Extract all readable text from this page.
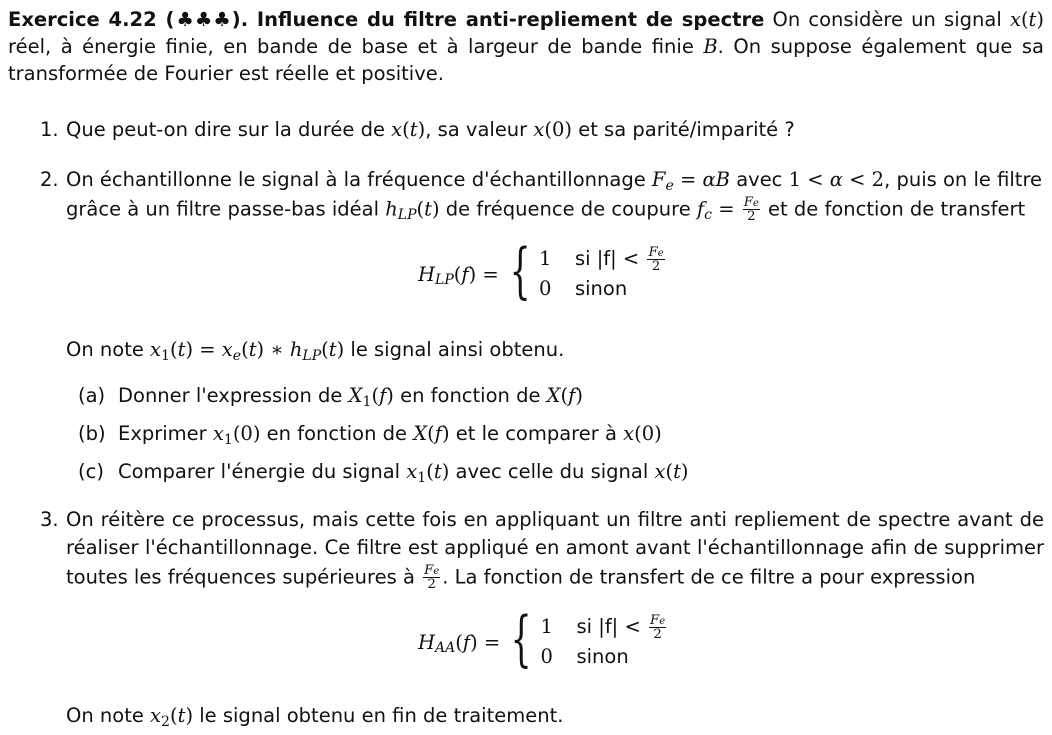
Exercice 4.22 (♣♣♣). Influence du filtre anti-repliement de spectre On considère un signal x(t) réel, à énergie finie, en bande de base et à largeur de bande finie B. On suppose également que sa transformée de Fourier est réelle et positive.

1. Que peut-on dire sur la durée de x(t), sa valeur x(0) et sa parité/imparité ?
2. On échantillonne le signal à la fréquence d'échantillonnage $F_e = \alpha B$ avec 1 < α < 2, puis on le filtre
grâce à un filtre passe-bas idéal $h_{LP}(t)$ de fréquence de coupure $f_c = \frac{Fe}{2}$ et de fonction de transfert
$H_{LP}(f)$ = { 1 si $|f| < \frac{Fe}{2}$
0 sinon
On note $x_1(t) = x_e(t)$ ∗ $h_{LP}(t)$ le signal ainsi obtenu.
(a) Donner l'expression de $X_1(f)$ en fonction de X(f)
(b) Exprimer $x_1(0)$ en fonction de X(f) et le comparer à x(0)
(c) Comparer l'énergie du signal $x_1(t)$ avec celle du signal x(t)
3. On réitère ce processus, mais cette fois en appliquant un filtre anti repliement de spectre avant de
réaliser l'échantillonnage. Ce filtre est appliqué en amont avant l'échantillonnage afin de supprimer
toutes les fréquences supérieures à $\frac{Fe}{2}$ . La fonction de transfert de ce filtre a pour expression
$H_{AA}(f)$ = { 1 si $|f| < \frac{Fe}{2}$
0 sinon
On note $x_2(t)$ le signal obtenu en fin de traitement.
